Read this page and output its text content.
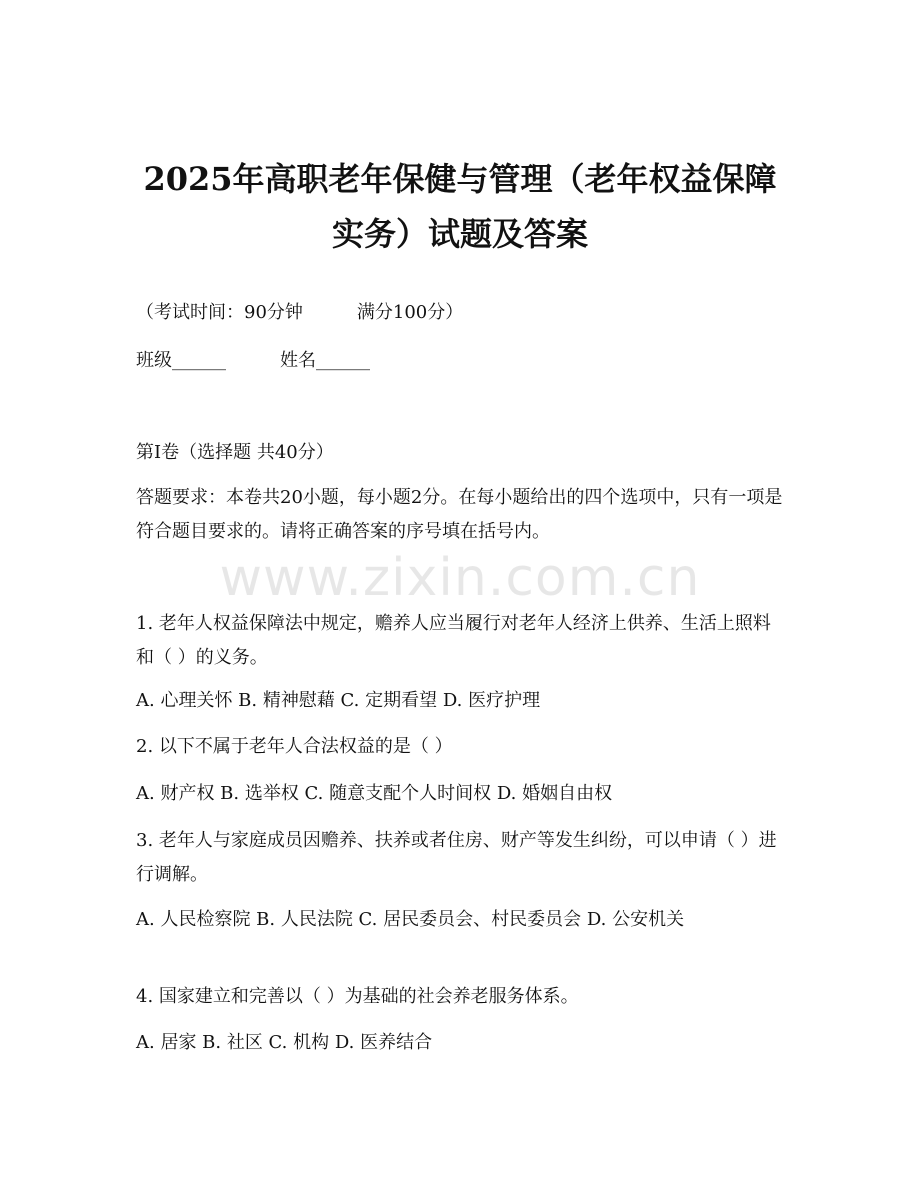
2025年高职老年保健与管理（老年权益保障
实务）试题及答案
（考试时间：90分钟	满分100分）
班级______	姓名______
第I卷（选择题 共40分）
答题要求：本卷共20小题，每小题2分。在每小题给出的四个选项中，只有一项是符合题目要求的。请将正确答案的序号填在括号内。
www.zixin.com.cn
1. 老年人权益保障法中规定，赡养人应当履行对老年人经济上供养、生活上照料和（ ）的义务。
A. 心理关怀 B. 精神慰藉 C. 定期看望 D. 医疗护理
2. 以下不属于老年人合法权益的是（ ）
A. 财产权 B. 选举权 C. 随意支配个人时间权 D. 婚姻自由权
3. 老年人与家庭成员因赡养、扶养或者住房、财产等发生纠纷，可以申请（ ）进行调解。
A. 人民检察院 B. 人民法院 C. 居民委员会、村民委员会 D. 公安机关
4. 国家建立和完善以（ ）为基础的社会养老服务体系。
A. 居家 B. 社区 C. 机构 D. 医养结合
